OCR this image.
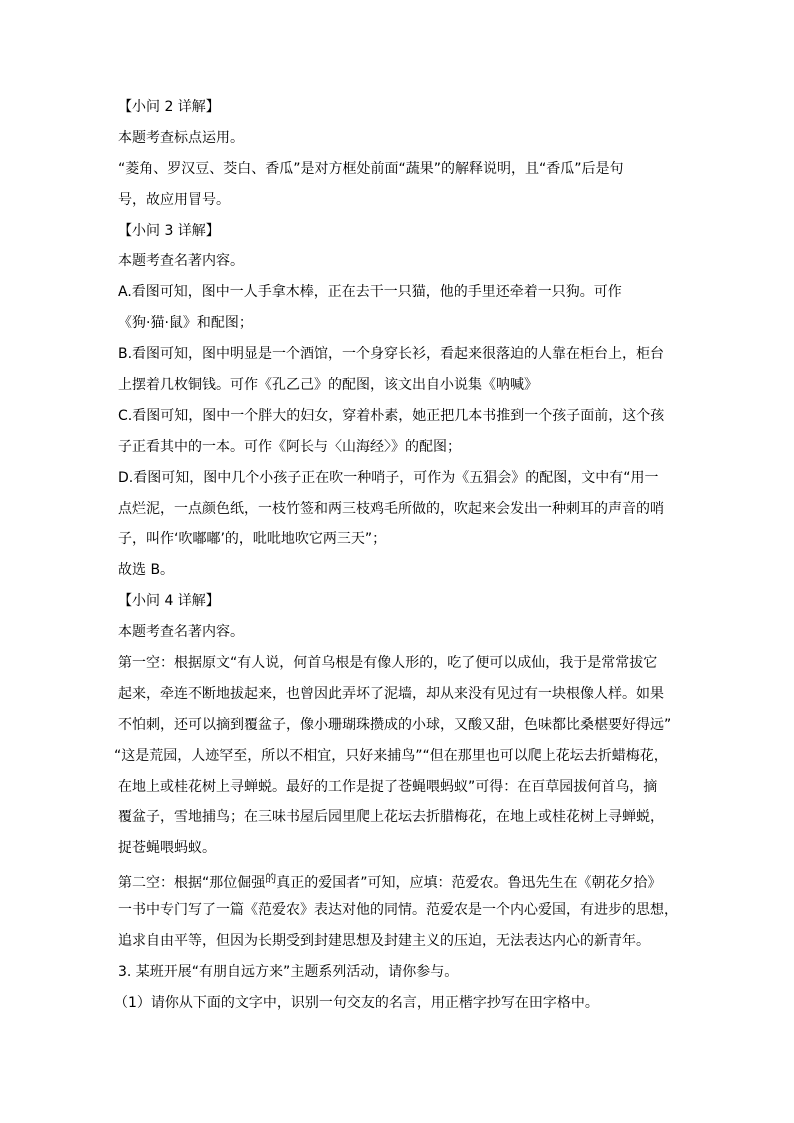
【小问 2 详解】
本题考查标点运用。
“菱角、罗汉豆、茭白、香瓜”是对方框处前面“蔬果”的解释说明，且“香瓜”后是句
号，故应用冒号。
【小问 3 详解】
本题考查名著内容。
A.看图可知，图中一人手拿木棒，正在去干一只猫，他的手里还牵着一只狗。可作
《狗·猫·鼠》和配图；
B.看图可知，图中明显是一个酒馆，一个身穿长衫，看起来很落迫的人靠在柜台上，柜台
上摆着几枚铜钱。可作《孔乙己》的配图，该文出自小说集《呐喊》
C.看图可知，图中一个胖大的妇女，穿着朴素，她正把几本书推到一个孩子面前，这个孩
子正看其中的一本。可作《阿长与〈山海经〉》的配图；
D.看图可知，图中几个小孩子正在吹一种哨子，可作为《五猖会》的配图，文中有“用一
点烂泥，一点颜色纸，一枝竹签和两三枝鸡毛所做的，吹起来会发出一种刺耳的声音的哨
子，叫作‘吹嘟嘟’的，吡吡地吹它两三天”；
故选 B。
【小问 4 详解】
本题考查名著内容。
第一空：根据原文“有人说，何首乌根是有像人形的，吃了便可以成仙，我于是常常拔它
起来，牵连不断地拔起来，也曾因此弄坏了泥墙，却从来没有见过有一块根像人样。如果
不怕刺，还可以摘到覆盆子，像小珊瑚珠攒成的小球，又酸又甜，色味都比桑椹要好得远”
“这是荒园，人迹罕至，所以不相宜，只好来捕鸟”“但在那里也可以爬上花坛去折蜡梅花，
在地上或桂花树上寻蝉蜕。最好的工作是捉了苍蝇喂蚂蚁”可得：在百草园拔何首乌，摘
覆盆子，雪地捕鸟；在三味书屋后园里爬上花坛去折腊梅花，在地上或桂花树上寻蝉蜕，
捉苍蝇喂蚂蚁。
第二空：根据“那位倔强$^的$真正的爱国者”可知，应填：范爱农。鲁迅先生在《朝花夕拾》
一书中专门写了一篇《范爱农》表达对他的同情。范爱农是一个内心爱国，有进步的思想，
追求自由平等，但因为长期受到封建思想及封建主义的压迫，无法表达内心的新青年。
3. 某班开展“有朋自远方来”主题系列活动，请你参与。
（1）请你从下面的文字中，识别一句交友的名言，用正楷字抄写在田字格中。
